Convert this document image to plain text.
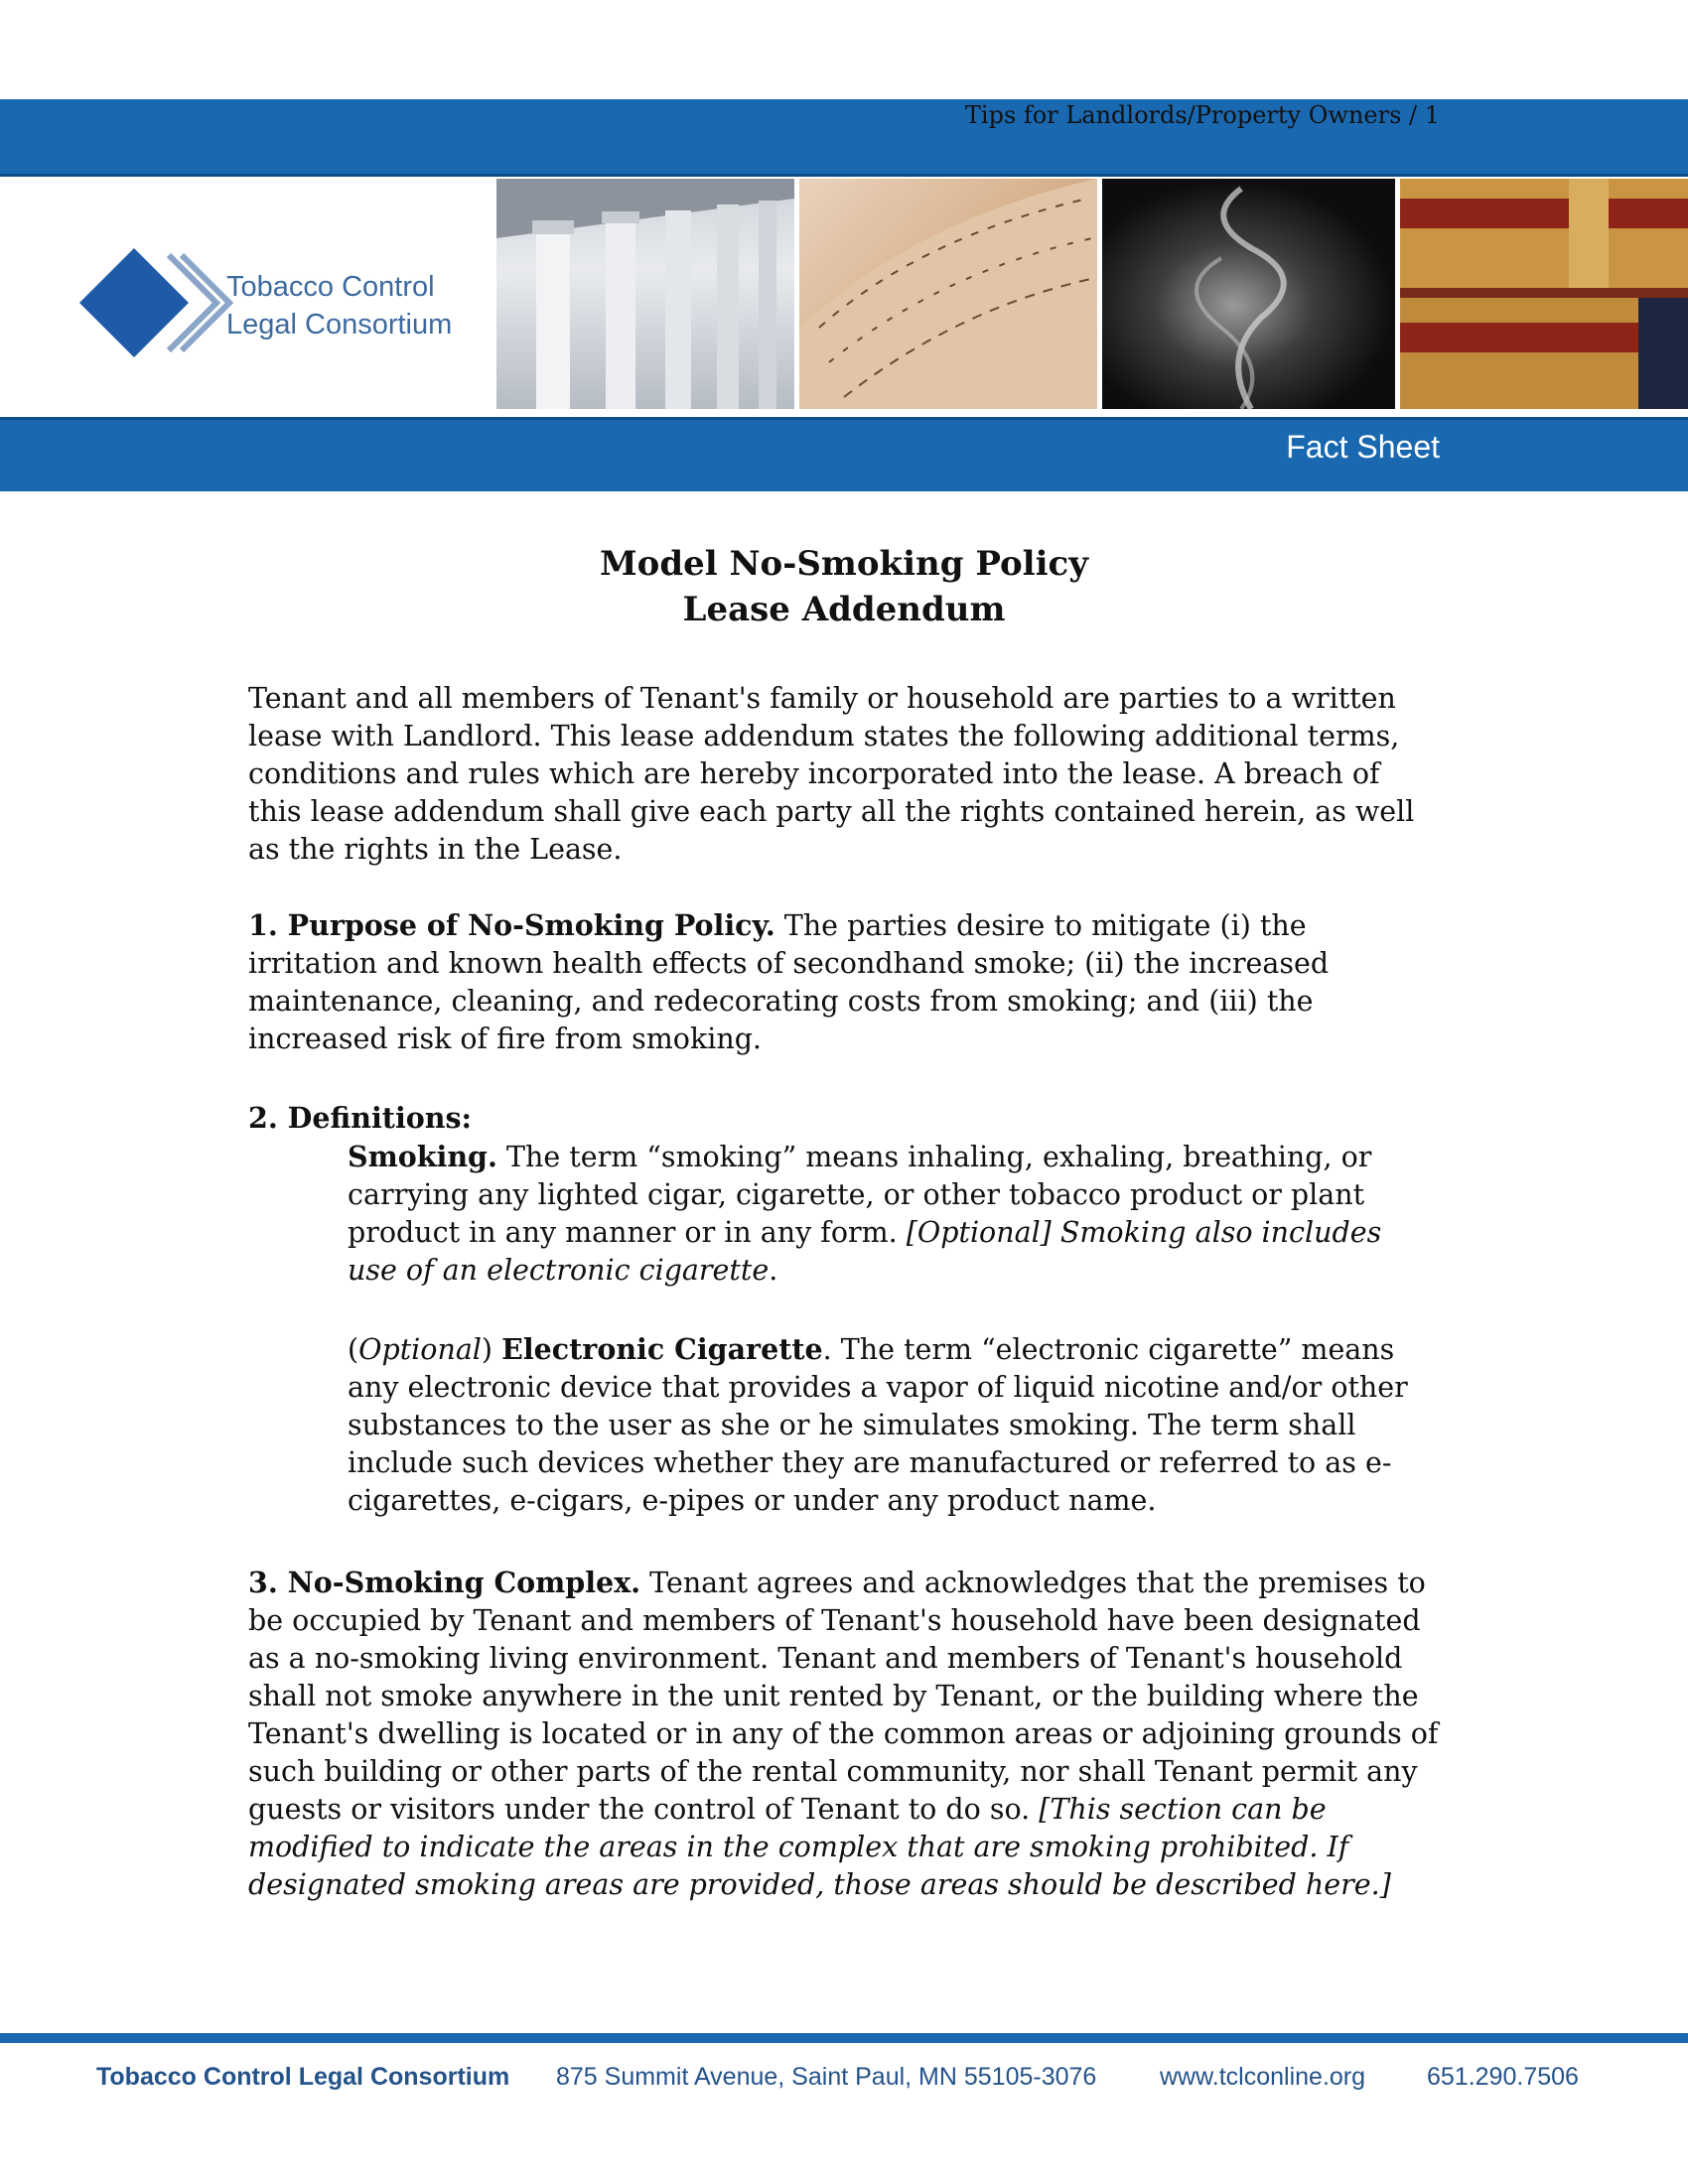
Tips for Landlords/Property Owners / 1
Tobacco Control
Legal Consortium
Fact Sheet
Model No-Smoking Policy
Lease Addendum

Tenant and all members of Tenant's family or household are parties to a written lease with Landlord. This lease addendum states the following additional terms, conditions and rules which are hereby incorporated into the lease. A breach of this lease addendum shall give each party all the rights contained herein, as well as the rights in the Lease.

1. Purpose of No-Smoking Policy. The parties desire to mitigate (i) the irritation and known health effects of secondhand smoke; (ii) the increased maintenance, cleaning, and redecorating costs from smoking; and (iii) the increased risk of fire from smoking.

2. Definitions:

Smoking. The term “smoking” means inhaling, exhaling, breathing, or carrying any lighted cigar, cigarette, or other tobacco product or plant product in any manner or in any form. [Optional] Smoking also includes use of an electronic cigarette.

(Optional) Electronic Cigarette. The term “electronic cigarette” means any electronic device that provides a vapor of liquid nicotine and/or other substances to the user as she or he simulates smoking. The term shall include such devices whether they are manufactured or referred to as e-cigarettes, e-cigars, e-pipes or under any product name.

3. No-Smoking Complex. Tenant agrees and acknowledges that the premises to be occupied by Tenant and members of Tenant's household have been designated as a no-smoking living environment. Tenant and members of Tenant's household shall not smoke anywhere in the unit rented by Tenant, or the building where the Tenant's dwelling is located or in any of the common areas or adjoining grounds of such building or other parts of the rental community, nor shall Tenant permit any guests or visitors under the control of Tenant to do so. [This section can be modified to indicate the areas in the complex that are smoking prohibited. If designated smoking areas are provided, those areas should be described here.]

Tobacco Control Legal Consortium 875 Summit Avenue, Saint Paul, MN 55105-3076	www.tclconline.org 651.290.7506
